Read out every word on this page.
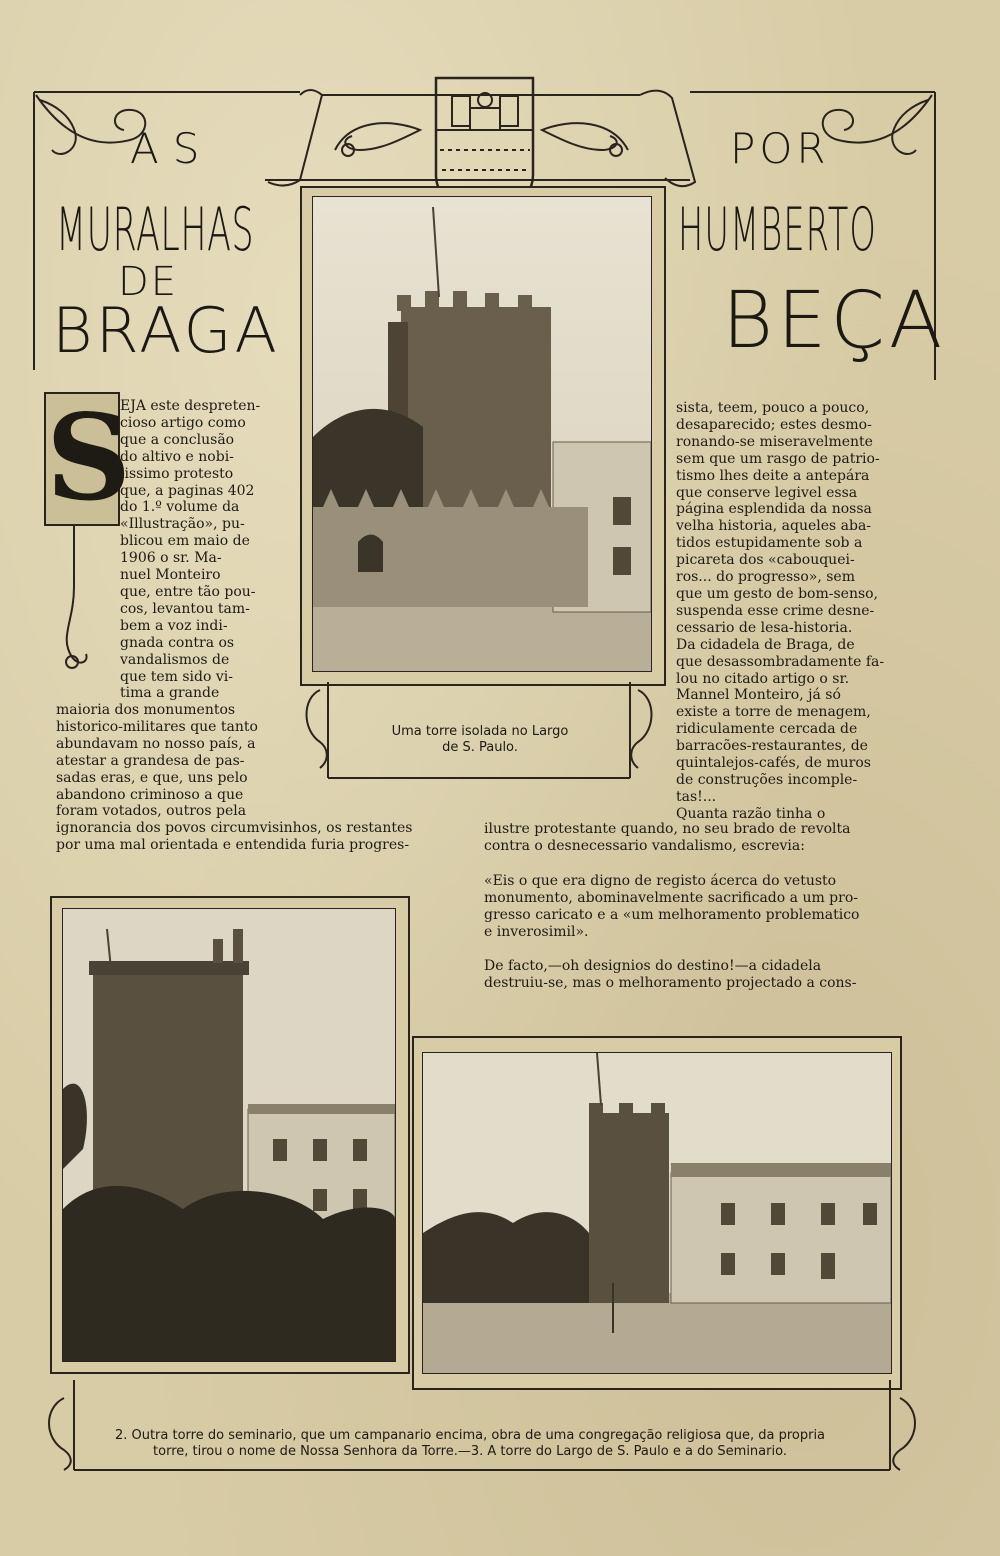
AS
MURALHAS
DE
BRAGA
POR
HUMBERTO
BEÇA
Uma torre isolada no Largo
de S. Paulo.
S
EJA este despreten-
cioso artigo como
que a conclusão
do altivo e nobi-
lissimo protesto
que, a paginas 402
do 1.º volume da
«Illustração», pu-
blicou em maio de
1906 o sr. Ma-
nuel Monteiro
que, entre tão pou-
cos, levantou tam-
bem a voz indi-
gnada contra os
vandalismos de
que tem sido vi-
tima a grande
maioria dos monumentos
historico-militares que tanto
abundavam no nosso país, a
atestar a grandesa de pas-
sadas eras, e que, uns pelo
abandono criminoso a que
foram votados, outros pela
ignorancia dos povos circumvisinhos, os restantes
por uma mal orientada e entendida furia progres-
sista, teem, pouco a pouco,
desaparecido; estes desmo-
ronando-se miseravelmente
sem que um rasgo de patrio-
tismo lhes deite a antepára
que conserve legivel essa
página esplendida da nossa
velha historia, aqueles aba-
tidos estupidamente sob a
picareta dos «cabouquei-
ros... do progresso», sem
que um gesto de bom-senso,
suspenda esse crime desne-
cessario de lesa-historia.
Da cidadela de Braga, de
que desassombradamente fa-
lou no citado artigo o sr.
Mannel Monteiro, já só
existe a torre de menagem,
ridiculamente cercada de
barracões-restaurantes, de
quintalejos-cafés, de muros
de construções incomple-
tas!...
Quanta razão tinha o
ilustre protestante quando, no seu brado de revolta
contra o desnecessario vandalismo, escrevia:
«Eis o que era digno de registo ácerca do vetusto
monumento, abominavelmente sacrificado a um pro-
gresso caricato e a «um melhoramento problematico
e inverosimil».
De facto,—oh designios do destino!—a cidadela
destruiu-se, mas o melhoramento projectado a cons-
2. Outra torre do seminario, que um campanario encima, obra de uma congregação religiosa que, da propria
torre, tirou o nome de Nossa Senhora da Torre.—3. A torre do Largo de S. Paulo e a do Seminario.
